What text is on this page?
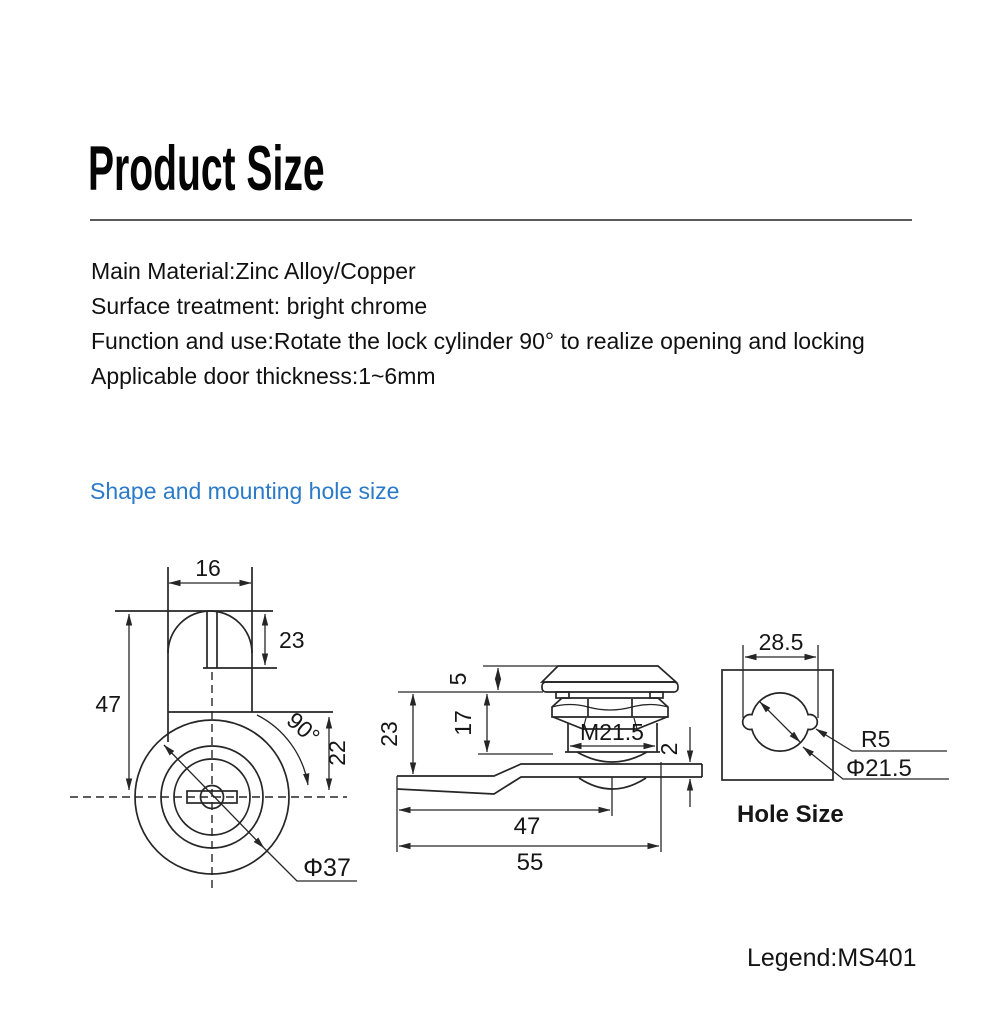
Product Size
Main Material:Zinc Alloy/Copper
Surface treatment: bright chrome
Function and use:Rotate the lock cylinder 90° to realize opening and locking
Applicable door thickness:1~6mm
Shape and mounting hole size
16
23
47
90°
22
Φ37
5
17
23	M21.5
2
47
55
28.5
R5
Φ21.5
Hole Size
Legend:MS401
